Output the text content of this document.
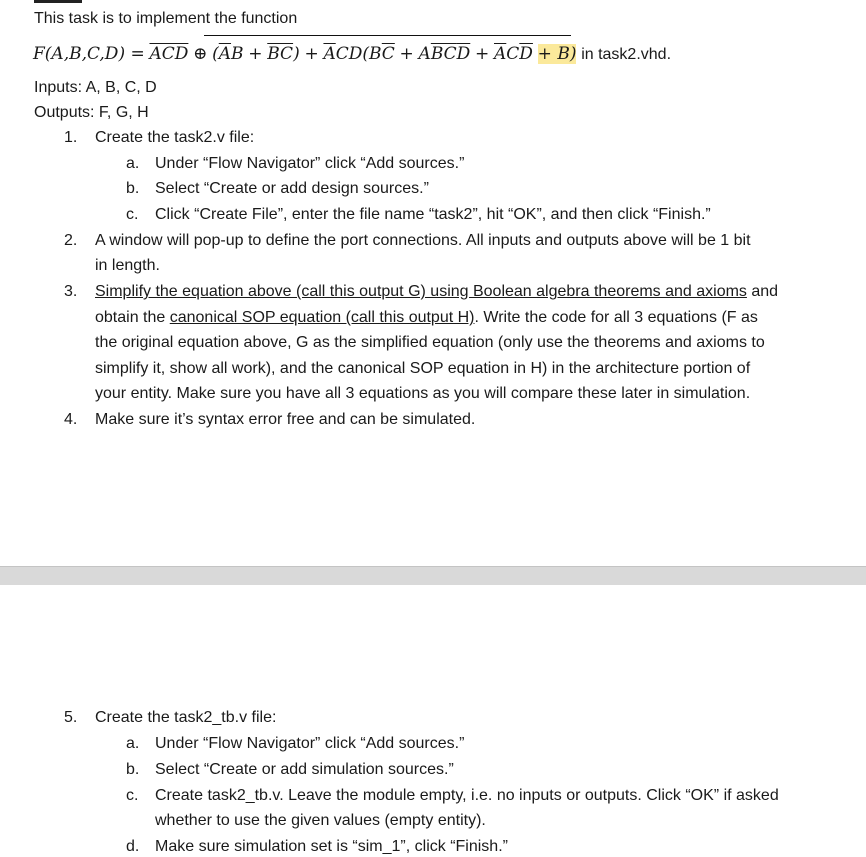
This task is to implement the function
$F(A,B,C,D) = \overline{ACD}$ ⊕ $(\overline{A}B + \overline{BC}) + \overline{A}CD(B\overline{C} + A\overline{BC}\overline{D} + \overline{A}C\overline{D} + B)$ in task2.vhd.
Inputs: A, B, C, D
Outputs: F, G, H
1. Create the task2.v file:
a. Under “Flow Navigator” click “Add sources.”
b. Select “Create or add design sources.”
c. Click “Create File”, enter the file name “task2”, hit “OK”, and then click “Finish.”
2. A window will pop-up to define the port connections. All inputs and outputs above will be 1 bit
in length.
3. Simplify the equation above (call this output G) using Boolean algebra theorems and axioms and
obtain the canonical SOP equation (call this output H). Write the code for all 3 equations (F as
the original equation above, G as the simplified equation (only use the theorems and axioms to
simplify it, show all work), and the canonical SOP equation in H) in the architecture portion of
your entity. Make sure you have all 3 equations as you will compare these later in simulation.
4. Make sure it’s syntax error free and can be simulated.
5. Create the task2_tb.v file:
a. Under “Flow Navigator” click “Add sources.”
b. Select “Create or add simulation sources.”
c. Create task2_tb.v. Leave the module empty, i.e. no inputs or outputs. Click “OK” if asked
whether to use the given values (empty entity).
d. Make sure simulation set is “sim_1”, click “Finish.”
